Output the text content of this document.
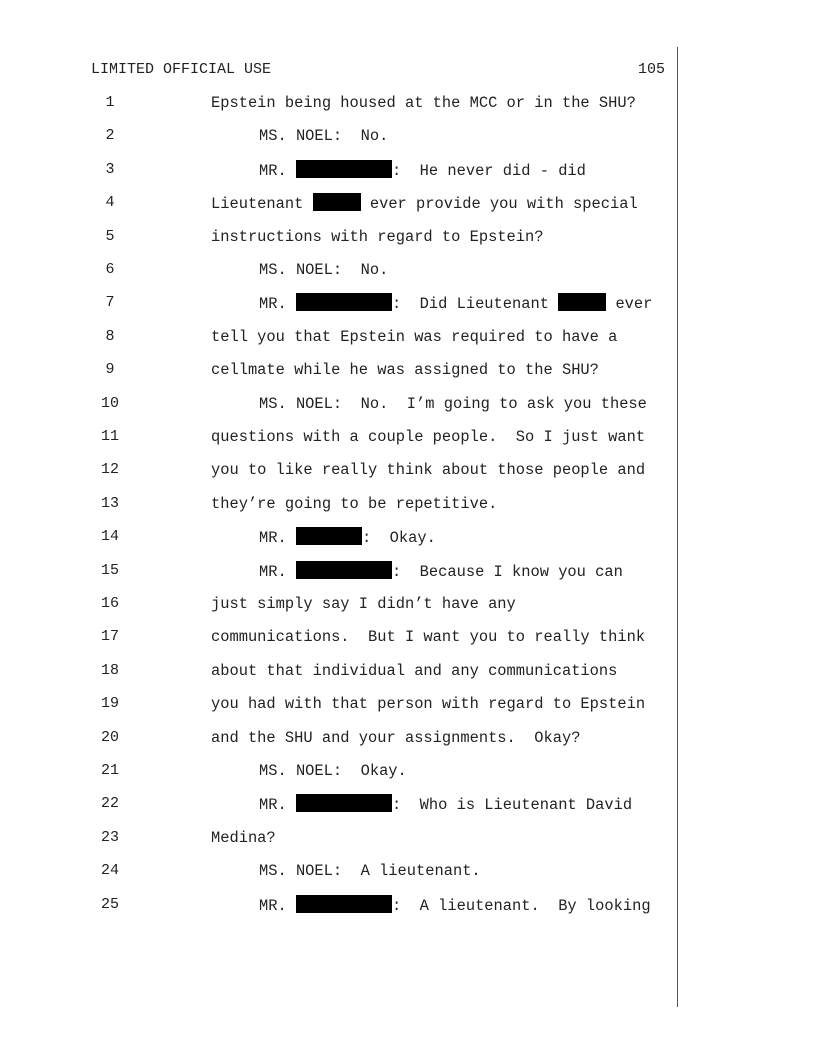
LIMITED OFFICIAL USE	105
1	Epstein being housed at the MCC or in the SHU?
2	MS. NOEL:  No.
3	MR.	:  He never did - did
4	Lieutenant	ever provide you with special
5	instructions with regard to Epstein?
6	MS. NOEL:  No.
7	MR.	:  Did Lieutenant	ever
8	tell you that Epstein was required to have a
9	cellmate while he was assigned to the SHU?
10	MS. NOEL:  No.  I’m going to ask you these
11	questions with a couple people.  So I just want
12	you to like really think about those people and
13	they’re going to be repetitive.
14	MR.	:  Okay.
15	MR.	:  Because I know you can
16	just simply say I didn’t have any
17	communications.  But I want you to really think
18	about that individual and any communications
19	you had with that person with regard to Epstein
20	and the SHU and your assignments.  Okay?
21	MS. NOEL:  Okay.
22	MR.	:  Who is Lieutenant David
23	Medina?
24	MS. NOEL:  A lieutenant.
25	MR.	:  A lieutenant.  By looking
